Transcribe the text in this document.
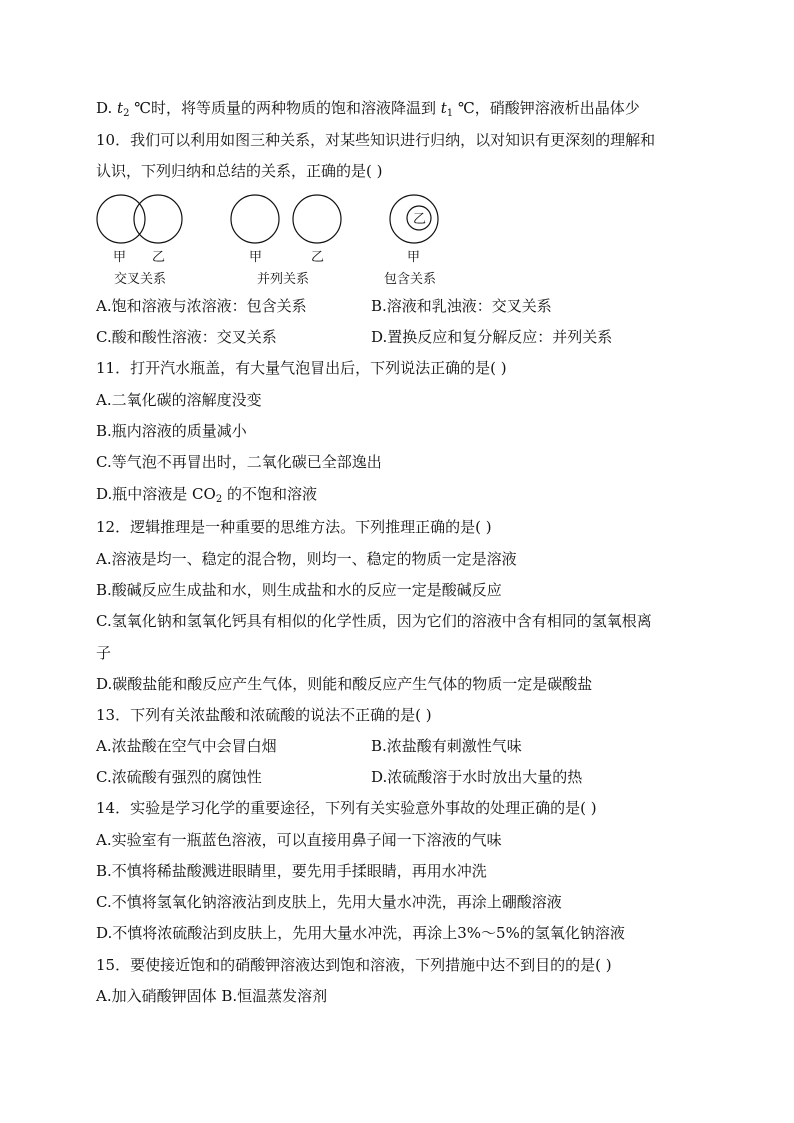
D. $t_2$ ℃时，将等质量的两种物质的饱和溶液降温到 $t_1$ ℃，硝酸钾溶液析出晶体少
10．我们可以利用如图三种关系，对某些知识进行归纳，以对知识有更深刻的理解和
认识，下列归纳和总结的关系，正确的是( )
甲 乙
交叉关系
甲	乙
并列关系
乙
甲
包含关系
A.饱和溶液与浓溶液：包含关系	B.溶液和乳浊液：交叉关系
C.酸和酸性溶液：交叉关系	D.置换反应和复分解反应：并列关系
11．打开汽水瓶盖，有大量气泡冒出后，下列说法正确的是( )
A.二氧化碳的溶解度没变
B.瓶内溶液的质量减小
C.等气泡不再冒出时，二氧化碳已全部逸出
D.瓶中溶液是 $CO_2$ 的不饱和溶液
12．逻辑推理是一种重要的思维方法。下列推理正确的是( )
A.溶液是均一、稳定的混合物，则均一、稳定的物质一定是溶液
B.酸碱反应生成盐和水，则生成盐和水的反应一定是酸碱反应
C.氢氧化钠和氢氧化钙具有相似的化学性质，因为它们的溶液中含有相同的氢氧根离
子
D.碳酸盐能和酸反应产生气体，则能和酸反应产生气体的物质一定是碳酸盐
13．下列有关浓盐酸和浓硫酸的说法不正确的是( )
A.浓盐酸在空气中会冒白烟	B.浓盐酸有刺激性气味
C.浓硫酸有强烈的腐蚀性	D.浓硫酸溶于水时放出大量的热
14．实验是学习化学的重要途径，下列有关实验意外事故的处理正确的是( )
A.实验室有一瓶蓝色溶液，可以直接用鼻子闻一下溶液的气味
B.不慎将稀盐酸溅进眼睛里，要先用手揉眼睛，再用水冲洗
C.不慎将氢氧化钠溶液沾到皮肤上，先用大量水冲洗，再涂上硼酸溶液
D.不慎将浓硫酸沾到皮肤上，先用大量水冲洗，再涂上3%～5%的氢氧化钠溶液
15．要使接近饱和的硝酸钾溶液达到饱和溶液，下列措施中达不到目的的是( )
A.加入硝酸钾固体 B.恒温蒸发溶剂
